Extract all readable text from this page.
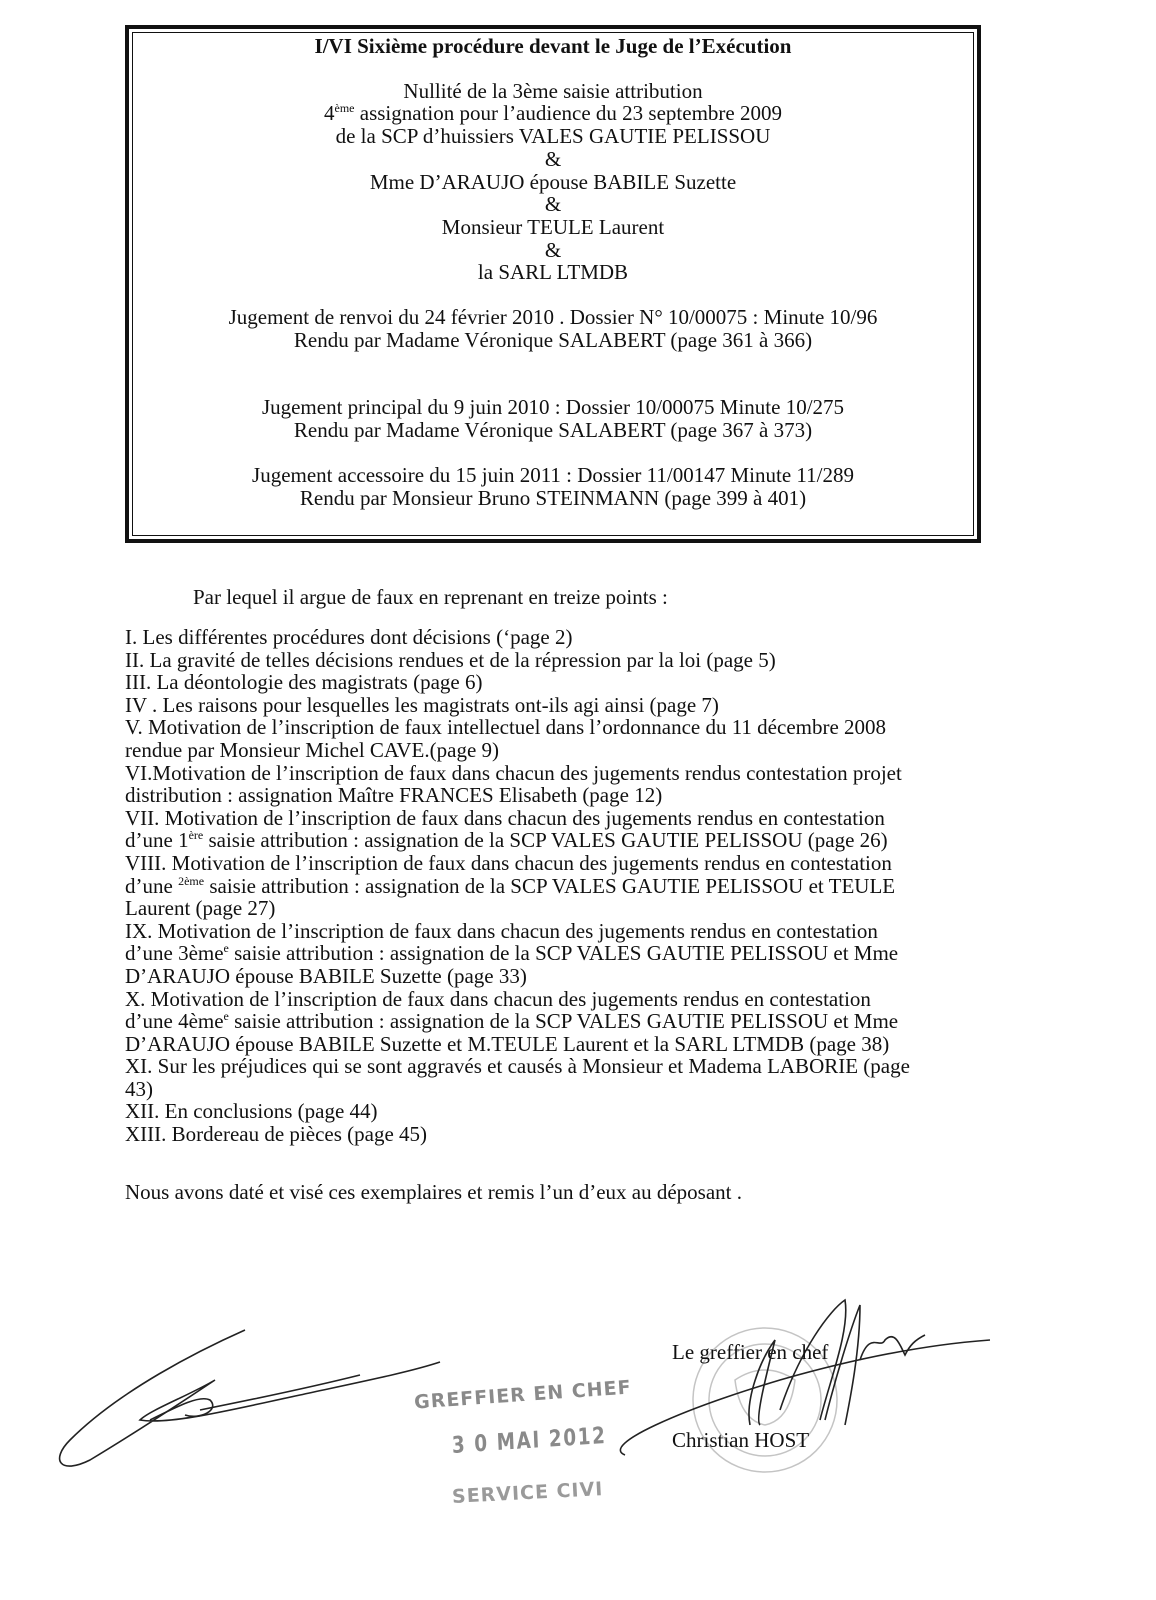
I/VI Sixième procédure devant le Juge de l’Exécution
Nullité de la 3ème saisie attribution
4ème assignation pour l’audience du 23 septembre 2009
de la SCP d’huissiers VALES GAUTIE PELISSOU
&
Mme D’ARAUJO épouse BABILE Suzette
&
Monsieur TEULE Laurent
&
la SARL LTMDB
Jugement de renvoi du 24 février 2010 . Dossier N° 10/00075 : Minute 10/96
Rendu par Madame Véronique SALABERT (page 361 à 366)
Jugement principal du 9 juin 2010 : Dossier 10/00075 Minute 10/275
Rendu par Madame Véronique SALABERT (page 367 à 373)
Jugement accessoire du 15 juin 2011 : Dossier 11/00147 Minute 11/289
Rendu par Monsieur Bruno STEINMANN (page 399 à 401)
Par lequel il argue de faux en reprenant en treize points :
I. Les différentes procédures dont décisions (‘page 2)
II. La gravité de telles décisions rendues et de la répression par la loi (page 5)
III. La déontologie des magistrats (page 6)
IV . Les raisons pour lesquelles les magistrats ont-ils agi ainsi (page 7)
V. Motivation de l’inscription de faux intellectuel dans l’ordonnance du 11 décembre 2008
rendue par Monsieur Michel CAVE.(page 9)
VI.Motivation de l’inscription de faux dans chacun des jugements rendus contestation projet
distribution : assignation Maître FRANCES Elisabeth (page 12)
VII. Motivation de l’inscription de faux dans chacun des jugements rendus en contestation
d’une 1ère saisie attribution : assignation de la SCP VALES GAUTIE PELISSOU (page 26)
VIII. Motivation de l’inscription de faux dans chacun des jugements rendus en contestation
d’une $^{2ème}$ saisie attribution : assignation de la SCP VALES GAUTIE PELISSOU et TEULE
Laurent (page 27)
IX. Motivation de l’inscription de faux dans chacun des jugements rendus en contestation
d’une 3ème$^e$ saisie attribution : assignation de la SCP VALES GAUTIE PELISSOU et Mme
D’ARAUJO épouse BABILE Suzette (page 33)
X. Motivation de l’inscription de faux dans chacun des jugements rendus en contestation
d’une 4ème$^e$ saisie attribution : assignation de la SCP VALES GAUTIE PELISSOU et Mme
D’ARAUJO épouse BABILE Suzette et M.TEULE Laurent et la SARL LTMDB (page 38)
XI. Sur les préjudices qui se sont aggravés et causés à Monsieur et Madema LABORIE (page
43)
XII. En conclusions (page 44)
XIII. Bordereau de pièces (page 45)
Nous avons daté et visé ces exemplaires et remis l’un d’eux au déposant .
Le greffier en chef
Christian HOST
GREFFIER EN CHEF
3 0 MAI 2012
SERVICE CIVI
